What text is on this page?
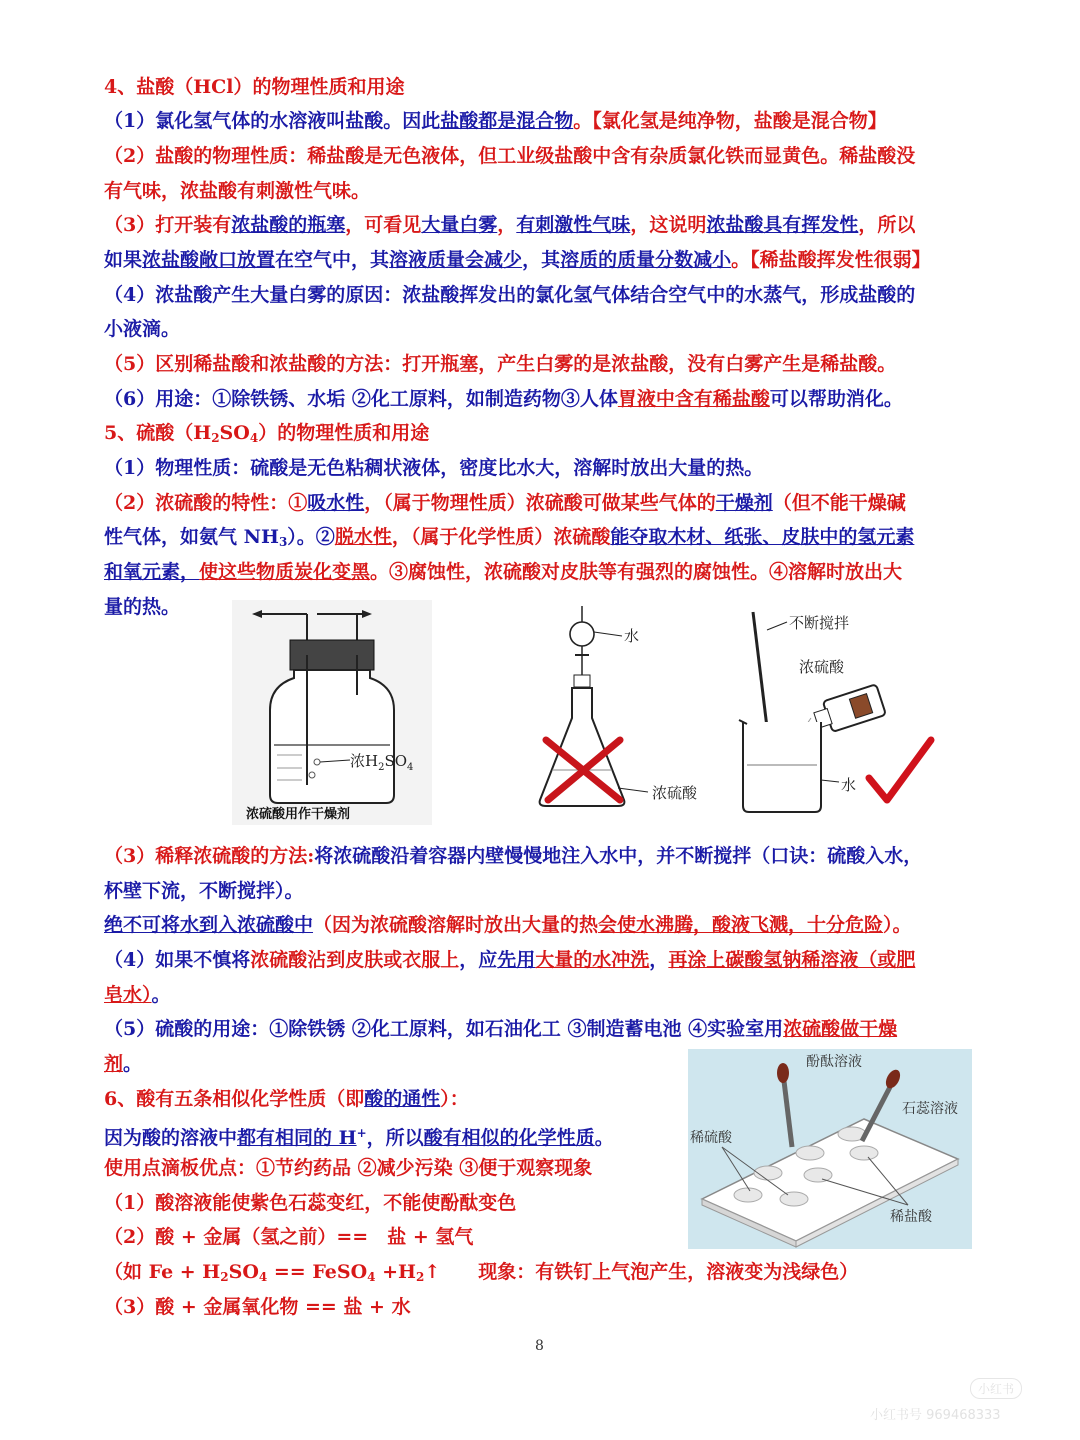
4、盐酸（HCl）的物理性质和用途
（1）氯化氢气体的水溶液叫盐酸。因此盐酸都是混合物。【氯化氢是纯净物，盐酸是混合物】
（2）盐酸的物理性质：稀盐酸是无色液体，但工业级盐酸中含有杂质氯化铁而显黄色。稀盐酸没
有气味，浓盐酸有刺激性气味。
（3）打开装有浓盐酸的瓶塞，可看见大量白雾，有刺激性气味，这说明浓盐酸具有挥发性，所以
如果浓盐酸敞口放置在空气中，其溶液质量会减少，其溶质的质量分数减小。【稀盐酸挥发性很弱】
（4）浓盐酸产生大量白雾的原因：浓盐酸挥发出的氯化氢气体结合空气中的水蒸气，形成盐酸的
小液滴。
（5）区别稀盐酸和浓盐酸的方法：打开瓶塞，产生白雾的是浓盐酸，没有白雾产生是稀盐酸。
（6）用途：①除铁锈、水垢 ②化工原料，如制造药物③人体胃液中含有稀盐酸可以帮助消化。
5、硫酸$(H_2SO_4)$的物理性质和用途
（1）物理性质：硫酸是无色粘稠状液体，密度比水大，溶解时放出大量的热。
（2）浓硫酸的特性：①吸水性，（属于物理性质）浓硫酸可做某些气体的干燥剂（但不能干燥碱
性气体，如氨气 $NH_3$）。②脱水性，（属于化学性质）浓硫酸能夺取木材、纸张、皮肤中的氢元素
和氧元素，使这些物质炭化变黑。③腐蚀性，浓硫酸对皮肤等有强烈的腐蚀性。④溶解时放出大
量的热。
浓$H_2SO_4$
浓硫酸用作干燥剂
水
浓硫酸
不断搅拌
浓硫酸
水
（3）稀释浓硫酸的方法:将浓硫酸沿着容器内壁慢慢地注入水中，并不断搅拌（口诀：硫酸入水，
杯壁下流，不断搅拌）。
绝不可将水到入浓硫酸中（因为浓硫酸溶解时放出大量的热会使水沸腾，酸液飞溅，十分危险）。
（4）如果不慎将浓硫酸沾到皮肤或衣服上，应先用大量的水冲洗，再涂上碳酸氢钠稀溶液（或肥
皂水）。
（5）硫酸的用途：①除铁锈 ②化工原料，如石油化工 ③制造蓄电池 ④实验室用浓硫酸做干燥
剂。
6、酸有五条相似化学性质（即酸的通性）：
因为酸的溶液中都有相同的 H+，所以酸有相似的化学性质。
使用点滴板优点：①节约药品 ②减少污染 ③便于观察现象
（1）酸溶液能使紫色石蕊变红，不能使酚酞变色
（2）酸 + 金属（氢之前）==　盐 + 氢气
（如 $Fe + H_2SO_4$ == FeSO$_4$ $+H_2↑$　　现象：有铁钉上气泡产生，溶液变为浅绿色）
（3）酸 + 金属氧化物 == 盐 + 水
酚酞溶液
石蕊溶液
稀硫酸
稀盐酸
8
小红书
小红书号 969468333
